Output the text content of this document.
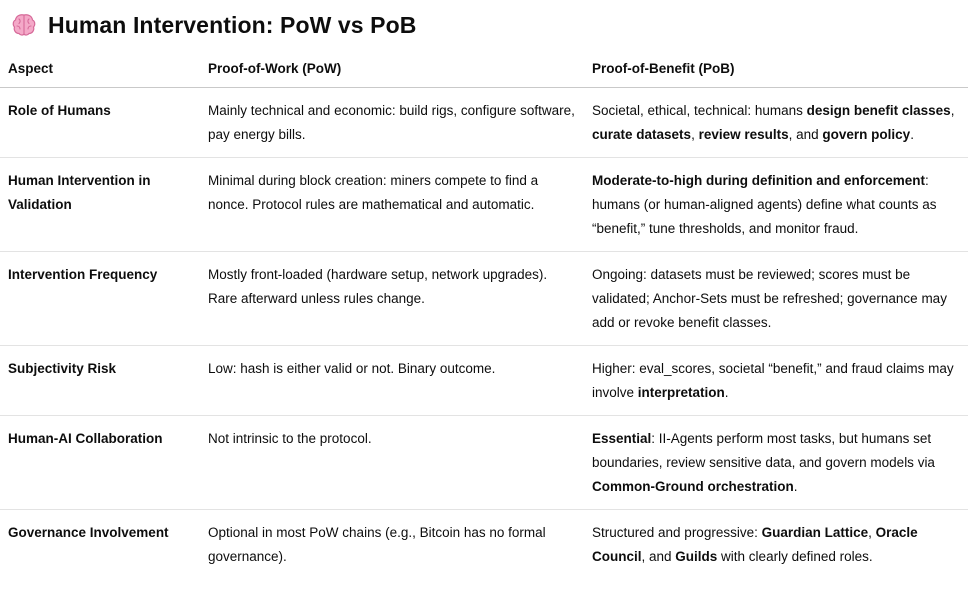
Human Intervention: PoW vs PoB
Aspect	Proof-of-Work (PoW)	Proof-of-Benefit (PoB)
Role of Humans	Mainly technical and economic: build rigs, configure software, pay energy bills.	Societal, ethical, technical: humans design benefit classes, curate datasets, review results, and govern policy.
Human Intervention in Validation	Minimal during block creation: miners compete to find a nonce. Protocol rules are mathematical and automatic.	Moderate-to-high during definition and enforcement: humans (or human-aligned agents) define what counts as “benefit,” tune thresholds, and monitor fraud.
Intervention Frequency	Mostly front-loaded (hardware setup, network upgrades). Rare afterward unless rules change.	Ongoing: datasets must be reviewed; scores must be validated; Anchor-Sets must be refreshed; governance may add or revoke benefit classes.
Subjectivity Risk	Low: hash is either valid or not. Binary outcome.	Higher: eval_scores, societal “benefit,” and fraud claims may involve interpretation.
Human-AI Collaboration	Not intrinsic to the protocol.	Essential: II-Agents perform most tasks, but humans set boundaries, review sensitive data, and govern models via Common-Ground orchestration.
Governance Involvement	Optional in most PoW chains (e.g., Bitcoin has no formal governance).	Structured and progressive: Guardian Lattice, Oracle Council, and Guilds with clearly defined roles.
